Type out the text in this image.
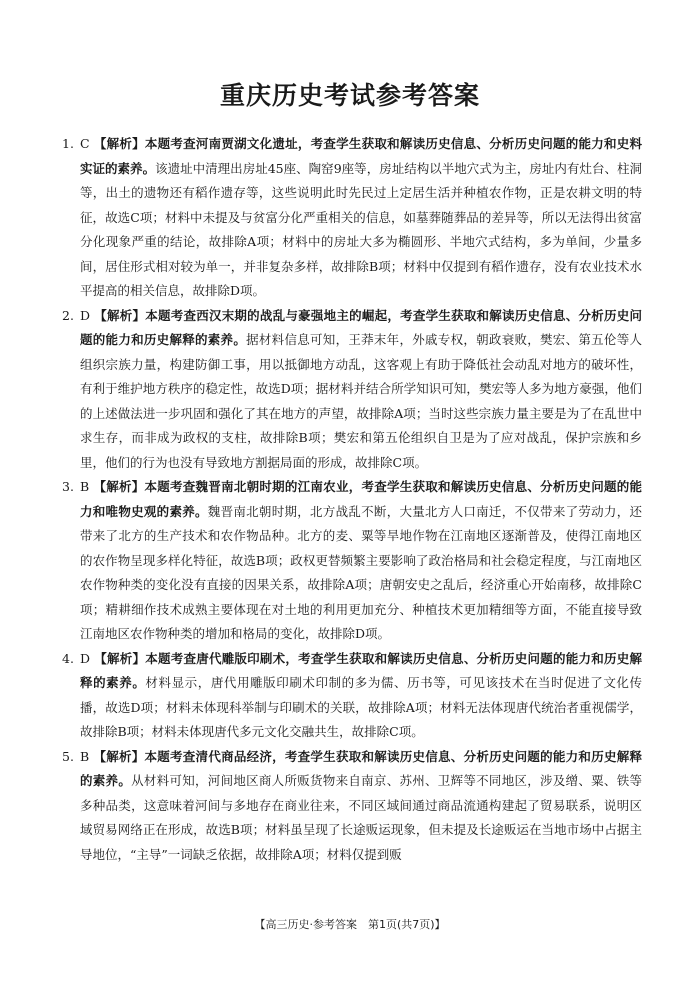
重庆历史考试参考答案

1. C 【解析】本题考查河南贾湖文化遗址，考查学生获取和解读历史信息、分析历史问题的能力和史料实证的素养。该遗址中清理出房址45座、陶窑9座等，房址结构以半地穴式为主，房址内有灶台、柱洞等，出土的遗物还有稻作遗存等，这些说明此时先民过上定居生活并种植农作物，正是农耕文明的特征，故选C项；材料中未提及与贫富分化严重相关的信息，如墓葬随葬品的差异等，所以无法得出贫富分化现象严重的结论，故排除A项；材料中的房址大多为椭圆形、半地穴式结构，多为单间，少量多间，居住形式相对较为单一，并非复杂多样，故排除B项；材料中仅提到有稻作遗存，没有农业技术水平提高的相关信息，故排除D项。

2. D 【解析】本题考查西汉末期的战乱与豪强地主的崛起，考查学生获取和解读历史信息、分析历史问题的能力和历史解释的素养。据材料信息可知，王莽末年，外戚专权，朝政衰败，樊宏、第五伦等人组织宗族力量，构建防御工事，用以抵御地方动乱，这客观上有助于降低社会动乱对地方的破坏性，有利于维护地方秩序的稳定性，故选D项；据材料并结合所学知识可知，樊宏等人多为地方豪强，他们的上述做法进一步巩固和强化了其在地方的声望，故排除A项；当时这些宗族力量主要是为了在乱世中求生存，而非成为政权的支柱，故排除B项；樊宏和第五伦组织自卫是为了应对战乱，保护宗族和乡里，他们的行为也没有导致地方割据局面的形成，故排除C项。

3. B 【解析】本题考查魏晋南北朝时期的江南农业，考查学生获取和解读历史信息、分析历史问题的能力和唯物史观的素养。魏晋南北朝时期，北方战乱不断，大量北方人口南迁，不仅带来了劳动力，还带来了北方的生产技术和农作物品种。北方的麦、粟等旱地作物在江南地区逐渐普及，使得江南地区的农作物呈现多样化特征，故选B项；政权更替频繁主要影响了政治格局和社会稳定程度，与江南地区农作物种类的变化没有直接的因果关系，故排除A项；唐朝安史之乱后，经济重心开始南移，故排除C项；精耕细作技术成熟主要体现在对土地的利用更加充分、种植技术更加精细等方面，不能直接导致江南地区农作物种类的增加和格局的变化，故排除D项。

4. D 【解析】本题考查唐代雕版印刷术，考查学生获取和解读历史信息、分析历史问题的能力和历史解释的素养。材料显示，唐代用雕版印刷术印制的多为儒、历书等，可见该技术在当时促进了文化传播，故选D项；材料未体现科举制与印刷术的关联，故排除A项；材料无法体现唐代统治者重视儒学，故排除B项；材料未体现唐代多元文化交融共生，故排除C项。

5. B 【解析】本题考查清代商品经济，考查学生获取和解读历史信息、分析历史问题的能力和历史解释的素养。从材料可知，河间地区商人所贩货物来自南京、苏州、卫辉等不同地区，涉及缯、粟、铁等多种品类，这意味着河间与多地存在商业往来，不同区域间通过商品流通构建起了贸易联系，说明区域贸易网络正在形成，故选B项；材料虽呈现了长途贩运现象，但未提及长途贩运在当地市场中占据主导地位，“主导”一词缺乏依据，故排除A项；材料仅提到贩

【高三历史·参考答案　第1页(共7页)】
